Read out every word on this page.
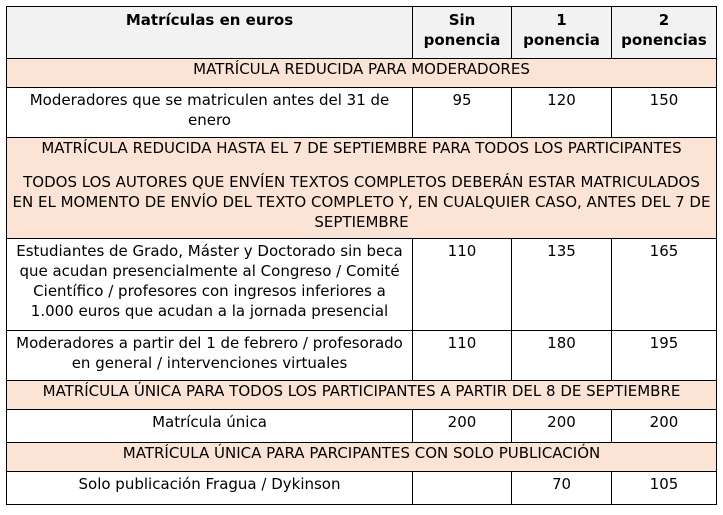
Matrículas en euros	Sin ponencia	1 ponencia	2 ponencias
MATRÍCULA REDUCIDA PARA MODERADORES			
Moderadores que se matriculen antes del 31 de enero	95	120	150

MATRÍCULA REDUCIDA HASTA EL 7 DE SEPTIEMBRE PARA TODOS LOS PARTICIPANTES
TODOS LOS AUTORES QUE ENVÍEN TEXTOS COMPLETOS DEBERÁN ESTAR MATRICULADOS EN EL MOMENTO DE ENVÍO DEL TEXTO COMPLETO Y, EN CUALQUIER CASO, ANTES DEL 7 DE SEPTIEMBRE			

Estudiantes de Grado, Máster y Doctorado sin beca que acudan presencialmente al Congreso / Comité Científico / profesores con ingresos inferiores a 1.000 euros que acudan a la jornada presencial	110	135	165
Moderadores a partir del 1 de febrero / profesorado en general / intervenciones virtuales	110	180	195
MATRÍCULA ÚNICA PARA TODOS LOS PARTICIPANTES A PARTIR DEL 8 DE SEPTIEMBRE			
Matrícula única	200	200	200
MATRÍCULA ÚNICA PARA PARCIPANTES CON SOLO PUBLICACIÓN			
Solo publicación Fragua / Dykinson		70	105
